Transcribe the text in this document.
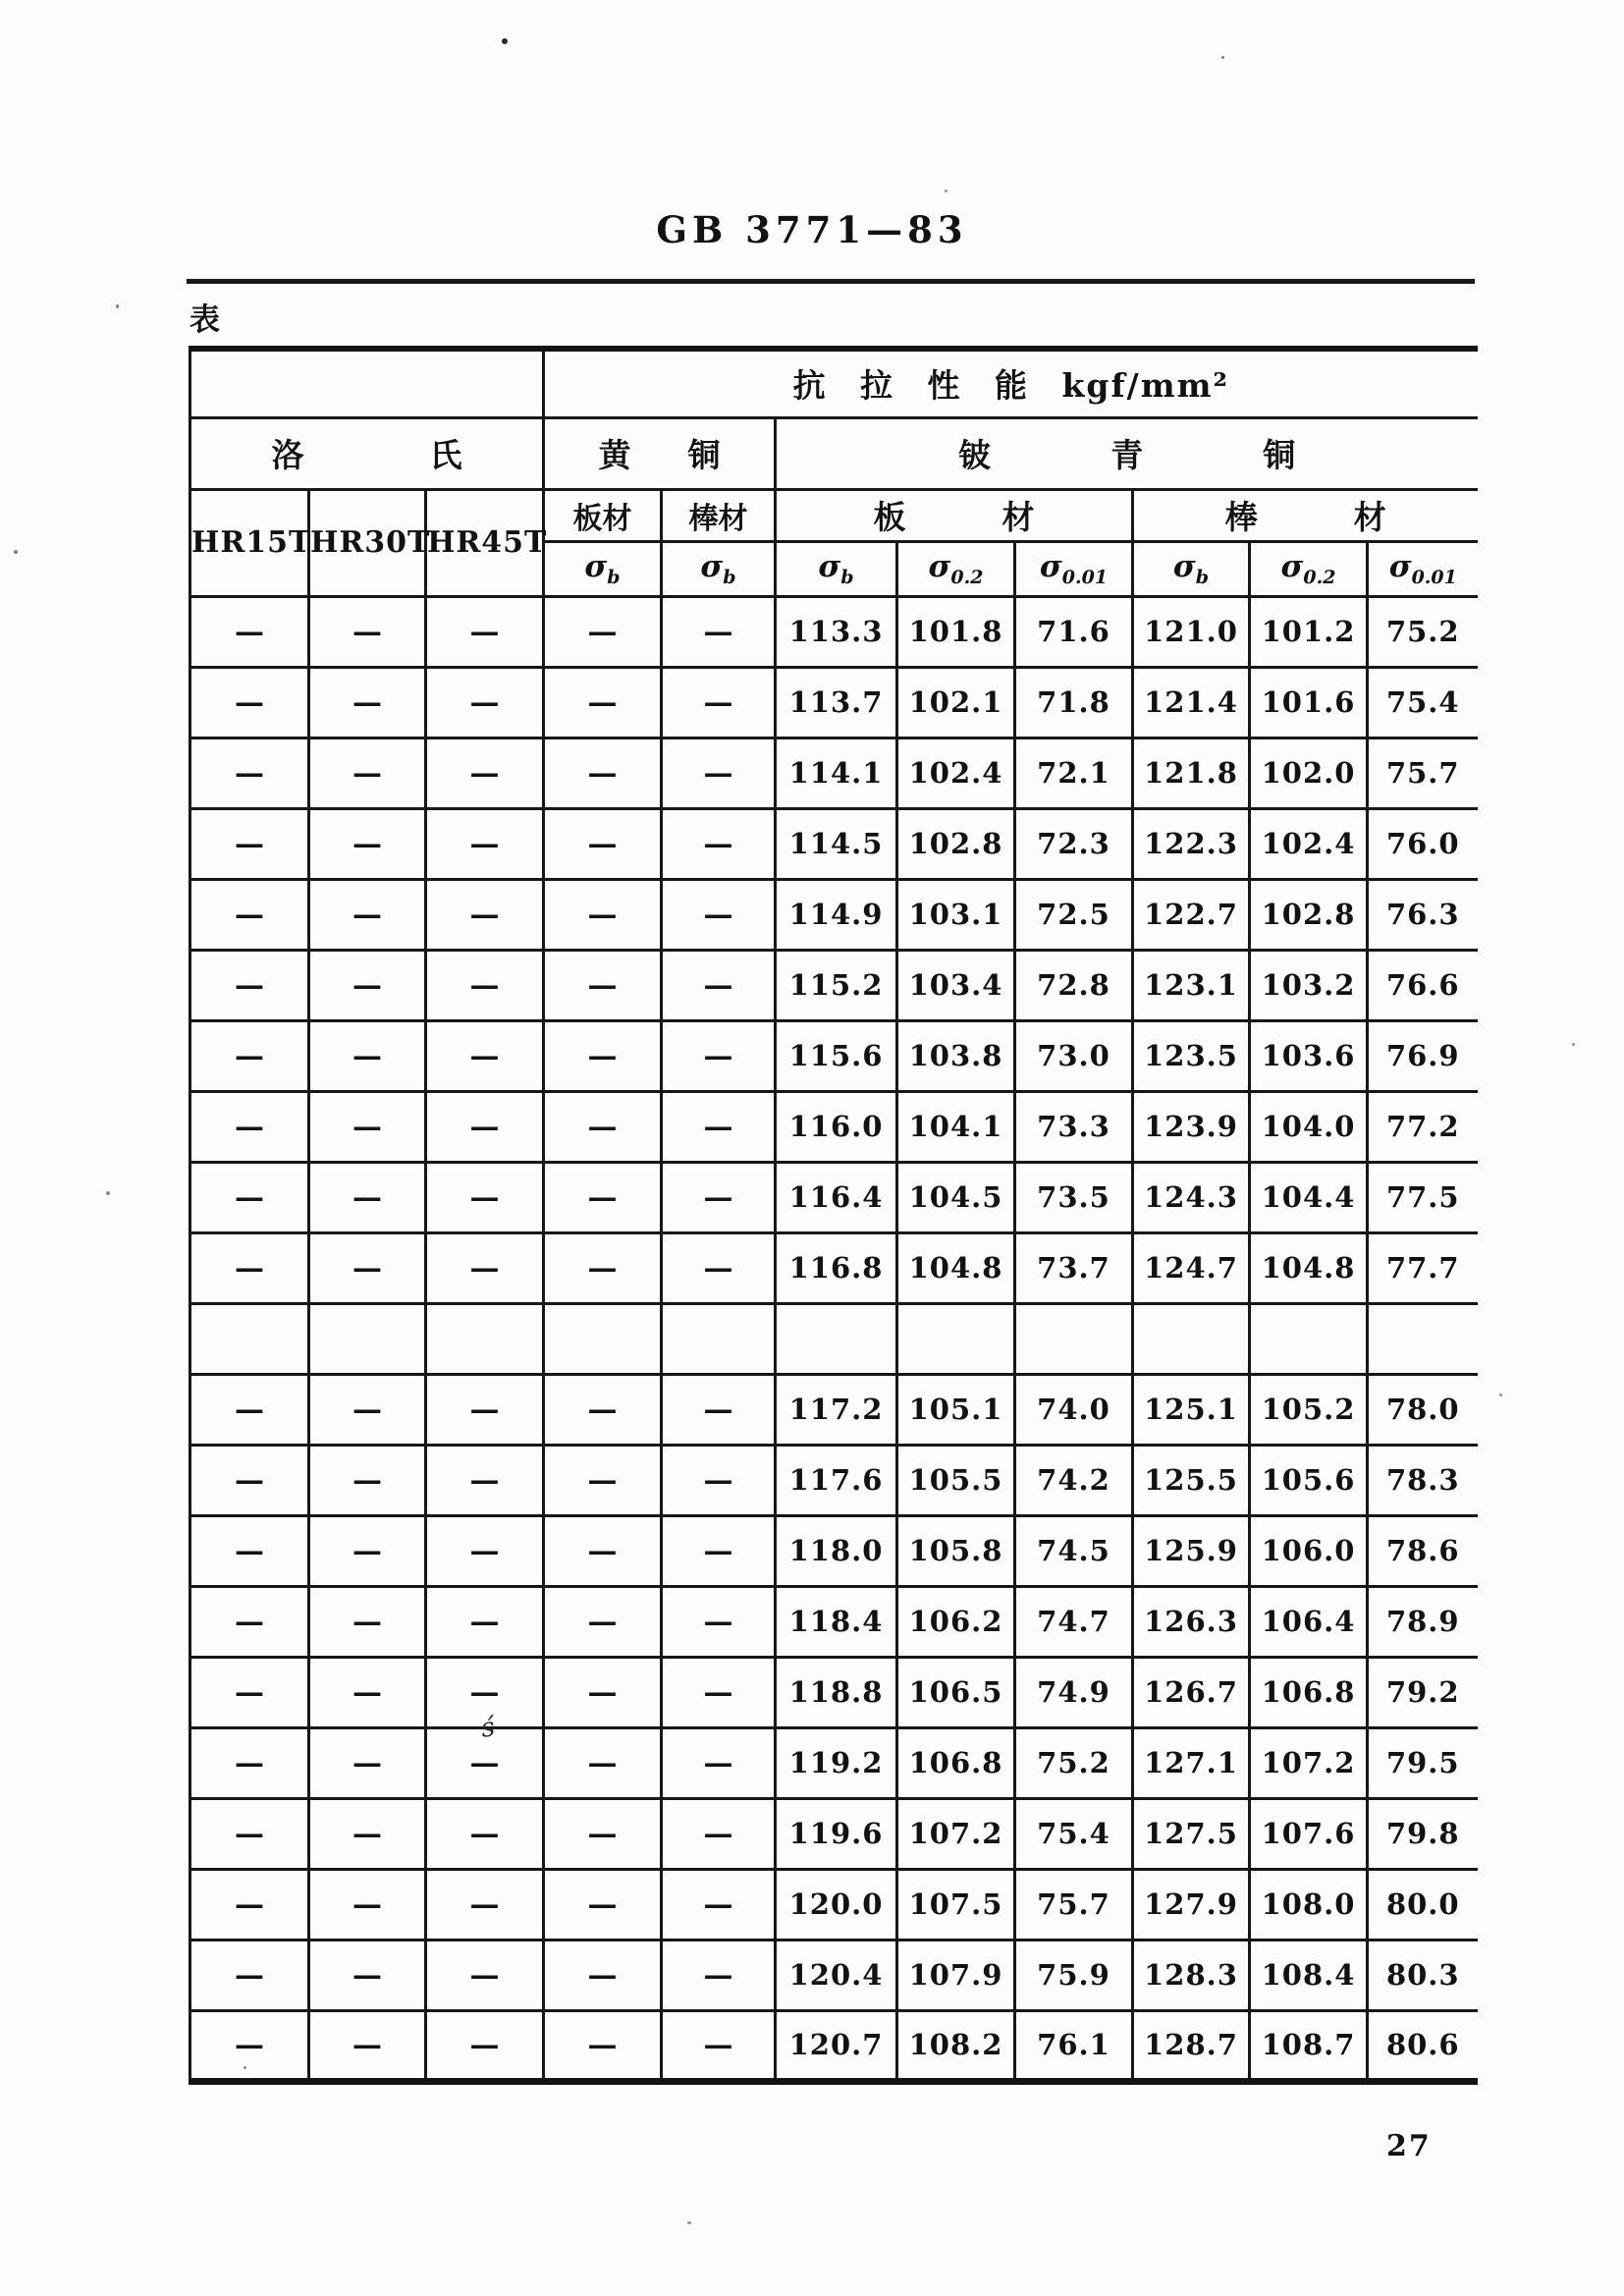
GB 3771—83
表
			抗 拉 性 能 kgf/mm²							

洛 氏			黄 铜		铍 青 铜					

HR15T	HR30T	HR45T	板材	棒材	板 材			棒 材		

			$\sigma_b$	$\sigma_b$	$\sigma_b$	$\sigma_{0.2}$	$\sigma_{0.01}$	$\sigma_b$	$\sigma_{0.2}$	$\sigma_{0.01}$
—	—	—	—	—	113.3	101.8	71.6	121.0	101.2	75.2
—	—	—	—	—	113.7	102.1	71.8	121.4	101.6	75.4
—	—	—	—	—	114.1	102.4	72.1	121.8	102.0	75.7
—	—	—	—	—	114.5	102.8	72.3	122.3	102.4	76.0
—	—	—	—	—	114.9	103.1	72.5	122.7	102.8	76.3
—	—	—	—	—	115.2	103.4	72.8	123.1	103.2	76.6
—	—	—	—	—	115.6	103.8	73.0	123.5	103.6	76.9
—	—	—	—	—	116.0	104.1	73.3	123.9	104.0	77.2
—	—	—	—	—	116.4	104.5	73.5	124.3	104.4	77.5
—	—	—	—	—	116.8	104.8	73.7	124.7	104.8	77.7

—	—	—	—	—	117.2	105.1	74.0	125.1	105.2	78.0
—	—	—	—	—	117.6	105.5	74.2	125.5	105.6	78.3
—	—	—	—	—	118.0	105.8	74.5	125.9	106.0	78.6
—	—	—	—	—	118.4	106.2	74.7	126.3	106.4	78.9
—	—	—	—	—	118.8	106.5	74.9	126.7	106.8	79.2
—	—	—	—	—	119.2	106.8	75.2	127.1	107.2	79.5
—	—	—	—	—	119.6	107.2	75.4	127.5	107.6	79.8
—	—	—	—	—	120.0	107.5	75.7	127.9	108.0	80.0
—	—	—	—	—	120.4	107.9	75.9	128.3	108.4	80.3
—	—	—	—	—	120.7	108.2	76.1	128.7	108.7	80.6
ś
27
